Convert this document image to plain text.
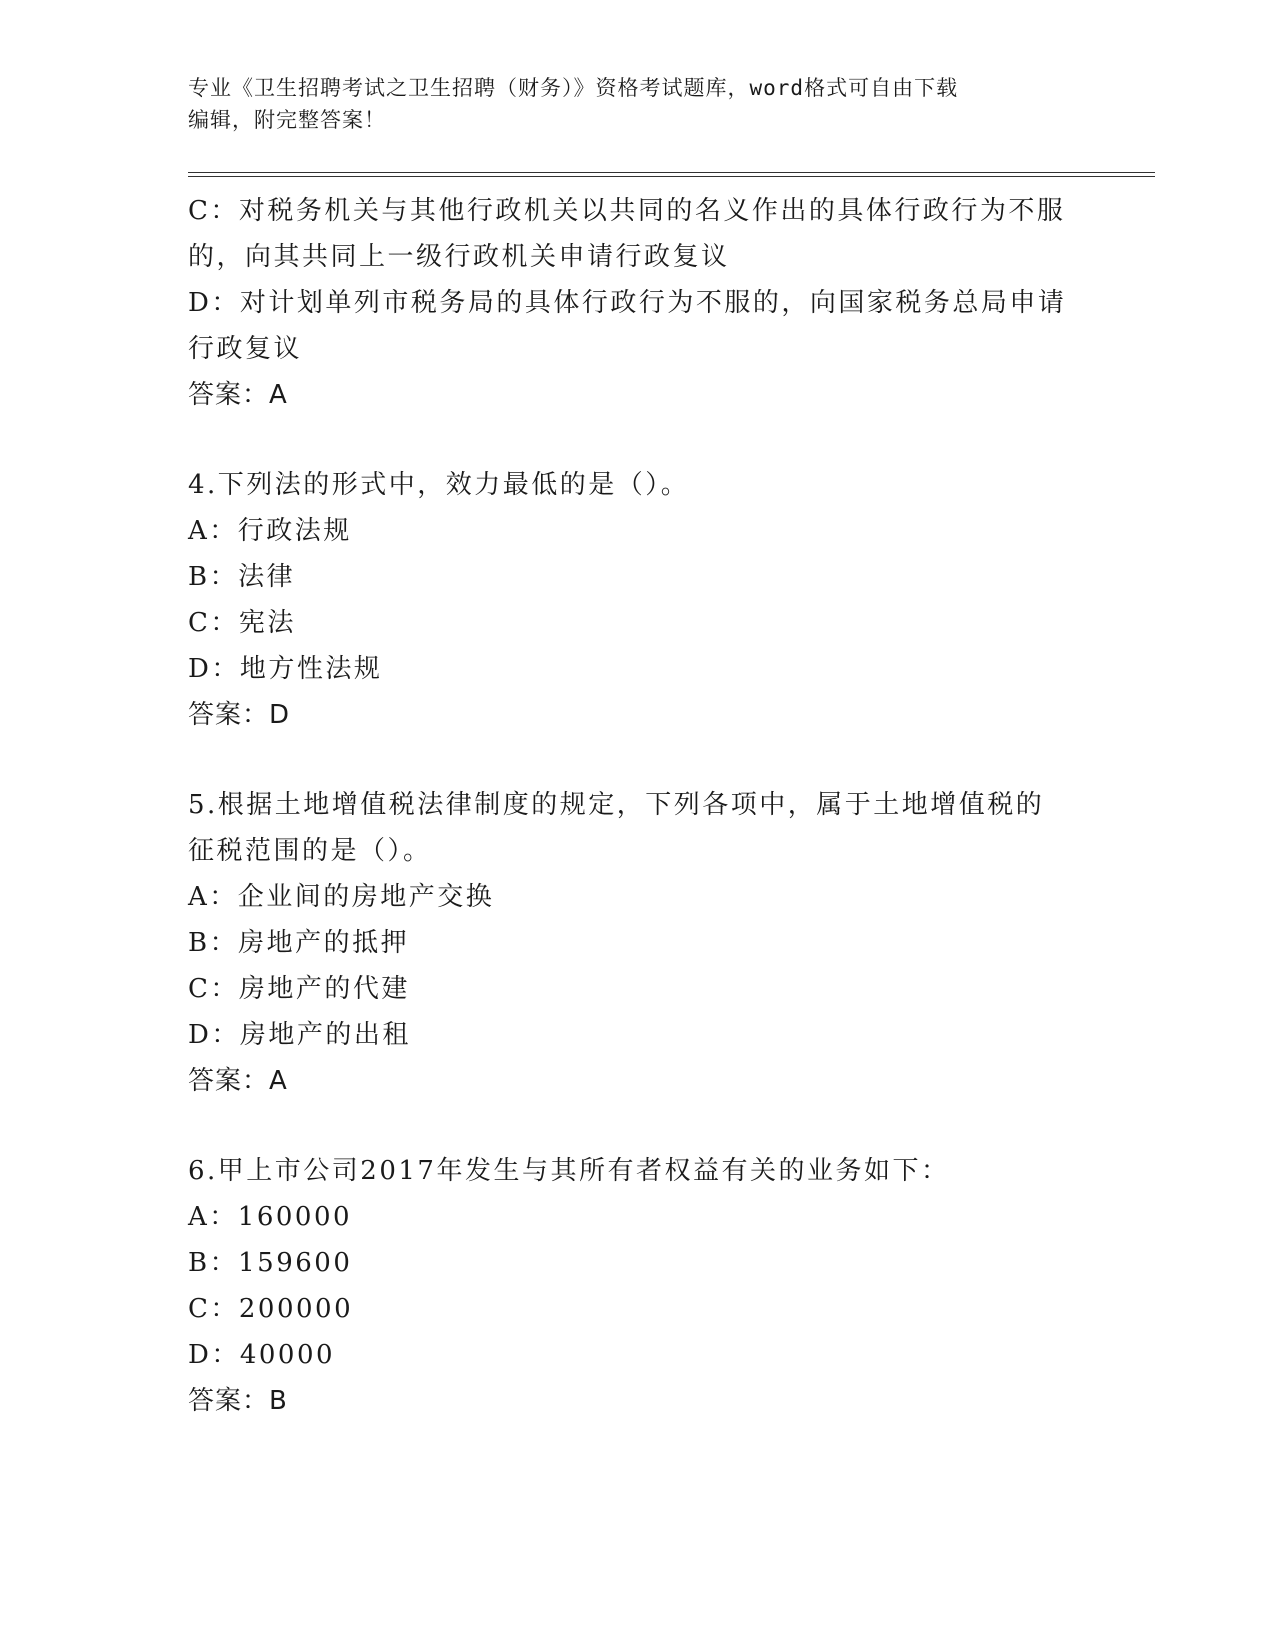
专业《卫生招聘考试之卫生招聘（财务）》资格考试题库，word格式可自由下载

编辑，附完整答案！

C：对税务机关与其他行政机关以共同的名义作出的具体行政行为不服

的，向其共同上一级行政机关申请行政复议

D：对计划单列市税务局的具体行政行为不服的，向国家税务总局申请

行政复议

答案：A

4.下列法的形式中，效力最低的是（）。

A：行政法规

B：法律

C：宪法

D：地方性法规

答案：D

5.根据土地增值税法律制度的规定，下列各项中，属于土地增值税的

征税范围的是（）。

A：企业间的房地产交换

B：房地产的抵押

C：房地产的代建

D：房地产的出租

答案：A

6.甲上市公司2017年发生与其所有者权益有关的业务如下：

A：160000

B：159600

C：200000

D：40000

答案：B
